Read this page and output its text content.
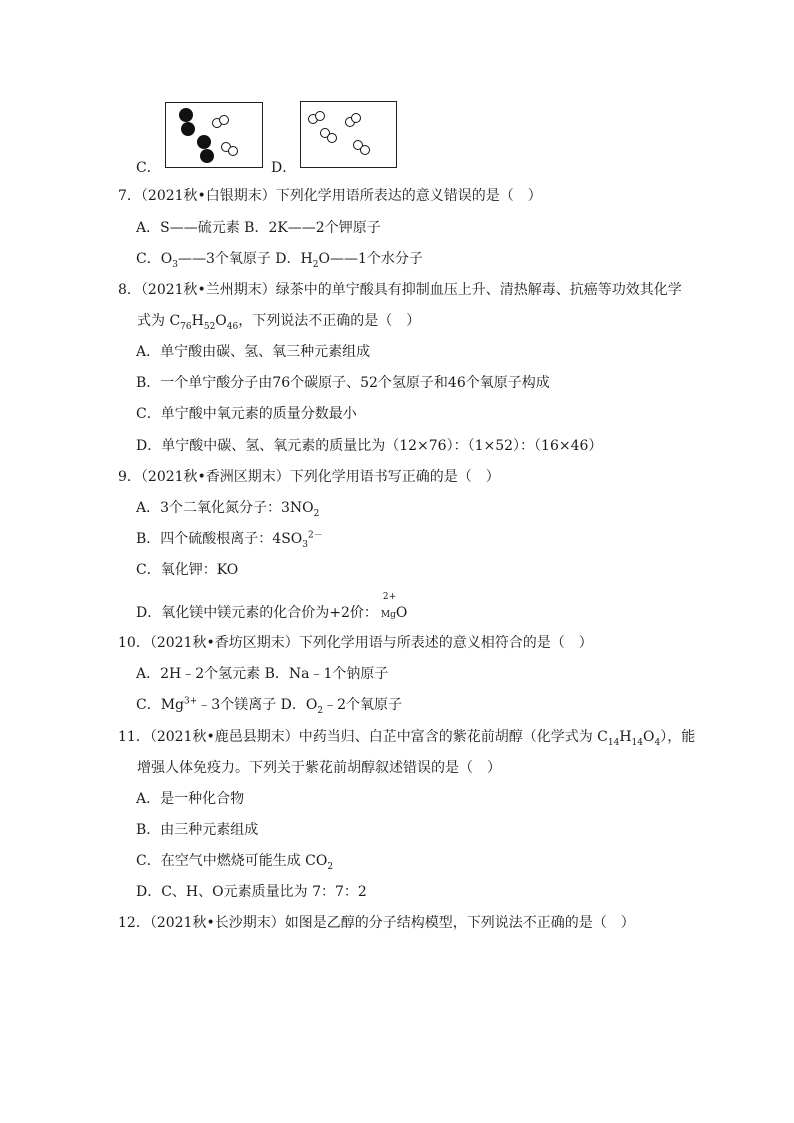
C．	D．
7．（2021秋•白银期末）下列化学用语所表达的意义错误的是（　）
A．S——硫元素 B．2K——2个钾原子
C．$O_3——3$个氧原子 D．$H_2O——1$个水分子
8．（2021秋•兰州期末）绿茶中的单宁酸具有抑制血压上升、清热解毒、抗癌等功效其化学
式为 $C_{76}H_{52}O_{46}$，下列说法不正确的是（　）
A．单宁酸由碳、氢、氧三种元素组成
B．一个单宁酸分子由76个碳原子、52个氢原子和46个氧原子构成
C．单宁酸中氧元素的质量分数最小
D．单宁酸中碳、氢、氧元素的质量比为（12×76）：（1×52）：（16×46）
9．（2021秋•香洲区期末）下列化学用语书写正确的是（　）
A．3个二氧化氮分子：$3NO_2$
B．四个硫酸根离子：$4SO_3^{2-}$
C．氧化钾：KO
D．氧化镁中镁元素的化合价为+2价：
2+
MgO
10．（2021秋•香坊区期末）下列化学用语与所表述的意义相符合的是（　）
A．2H﹣2个氢元素 B．Na﹣1个钠原子
C．$Mg^{3+}﹣3$个镁离子 D．$O_2﹣2$个氧原子
11．（2021秋•鹿邑县期末）中药当归、白芷中富含的紫花前胡醇（化学式为 $C_{14}H_{14}O_4$），能
增强人体免疫力。下列关于紫花前胡醇叙述错误的是（　）
A．是一种化合物
B．由三种元素组成
C．在空气中燃烧可能生成 $CO_2$
D．C、H、O元素质量比为 7：7：2
12．（2021秋•长沙期末）如图是乙醇的分子结构模型，下列说法不正确的是（　）
